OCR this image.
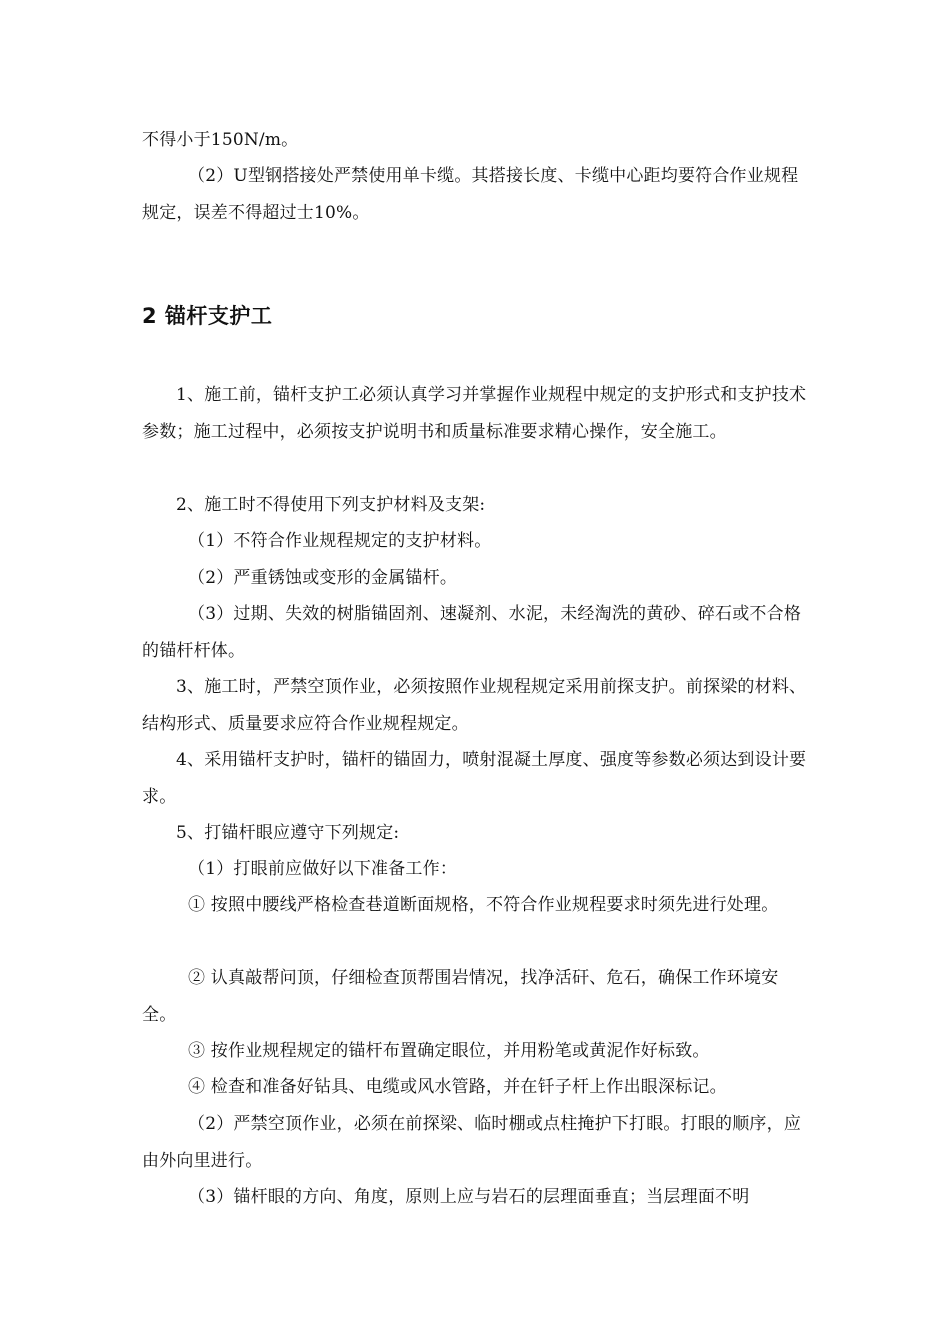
不得小于150N/m。

（2）U型钢搭接处严禁使用单卡缆。其搭接长度、卡缆中心距均要符合作业规程规定，误差不得超过士10%。

2 锚杆支护工

1、施工前，锚杆支护工必须认真学习并掌握作业规程中规定的支护形式和支护技术参数；施工过程中，必须按支护说明书和质量标准要求精心操作，安全施工。

2、施工时不得使用下列支护材料及支架:

（1）不符合作业规程规定的支护材料。

（2）严重锈蚀或变形的金属锚杆。

（3）过期、失效的树脂锚固剂、速凝剂、水泥，未经淘洗的黄砂、碎石或不合格的锚杆杆体。

3、施工时，严禁空顶作业，必须按照作业规程规定采用前探支护。前探梁的材料、结构形式、质量要求应符合作业规程规定。

4、采用锚杆支护时，锚杆的锚固力，喷射混凝土厚度、强度等参数必须达到设计要求。

5、打锚杆眼应遵守下列规定:

（1）打眼前应做好以下准备工作：

① 按照中腰线严格检查巷道断面规格，不符合作业规程要求时须先进行处理。

② 认真敲帮问顶，仔细检查顶帮围岩情况，找净活矸、危石，确保工作环境安全。

③ 按作业规程规定的锚杆布置确定眼位，并用粉笔或黄泥作好标致。

④ 检查和准备好钻具、电缆或风水管路，并在钎子杆上作出眼深标记。

（2）严禁空顶作业，必须在前探梁、临时棚或点柱掩护下打眼。打眼的顺序，应由外向里进行。

（3）锚杆眼的方向、角度，原则上应与岩石的层理面垂直；当层理面不明
